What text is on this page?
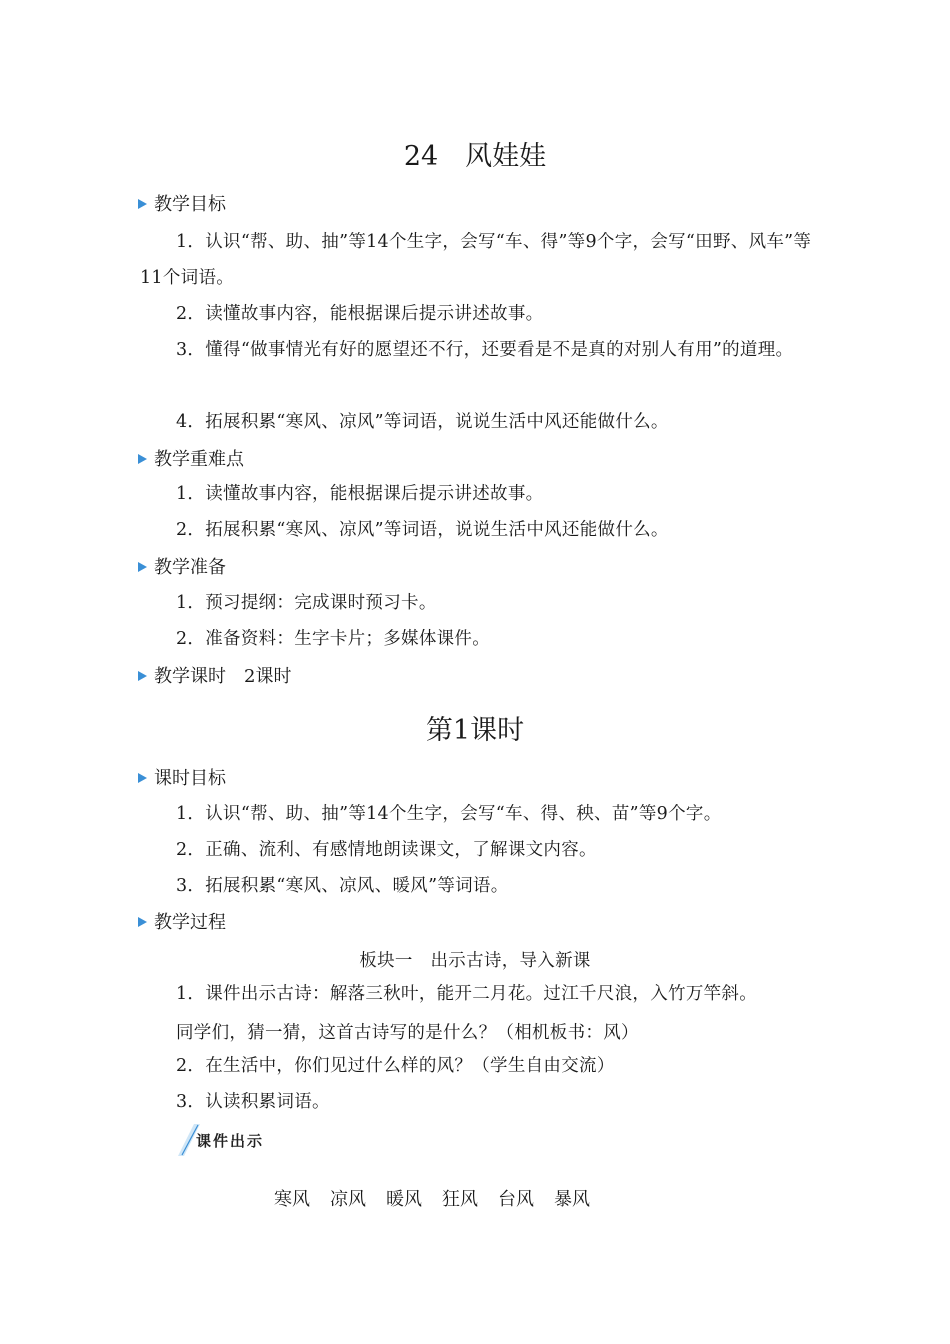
24　风娃娃
教学目标
1．认识“帮、助、抽”等14个生字，会写“车、得”等9个字，会写“田野、风车”等11个词语。
2．读懂故事内容，能根据课后提示讲述故事。
3．懂得“做事情光有好的愿望还不行，还要看是不是真的对别人有用”的道理。
4．拓展积累“寒风、凉风”等词语，说说生活中风还能做什么。
教学重难点
1．读懂故事内容，能根据课后提示讲述故事。
2．拓展积累“寒风、凉风”等词语，说说生活中风还能做什么。
教学准备
1．预习提纲：完成课时预习卡。
2．准备资料：生字卡片；多媒体课件。
教学课时　2课时
第1课时
课时目标
1．认识“帮、助、抽”等14个生字，会写“车、得、秧、苗”等9个字。
2．正确、流利、有感情地朗读课文，了解课文内容。
3．拓展积累“寒风、凉风、暖风”等词语。
教学过程
板块一　出示古诗，导入新课
1．课件出示古诗：解落三秋叶，能开二月花。过江千尺浪，入竹万竿斜。
同学们，猜一猜，这首古诗写的是什么？（相机板书：风）
2．在生活中，你们见过什么样的风？（学生自由交流）
3．认读积累词语。
课件出示
寒风 凉风 暖风 狂风 台风 暴风
